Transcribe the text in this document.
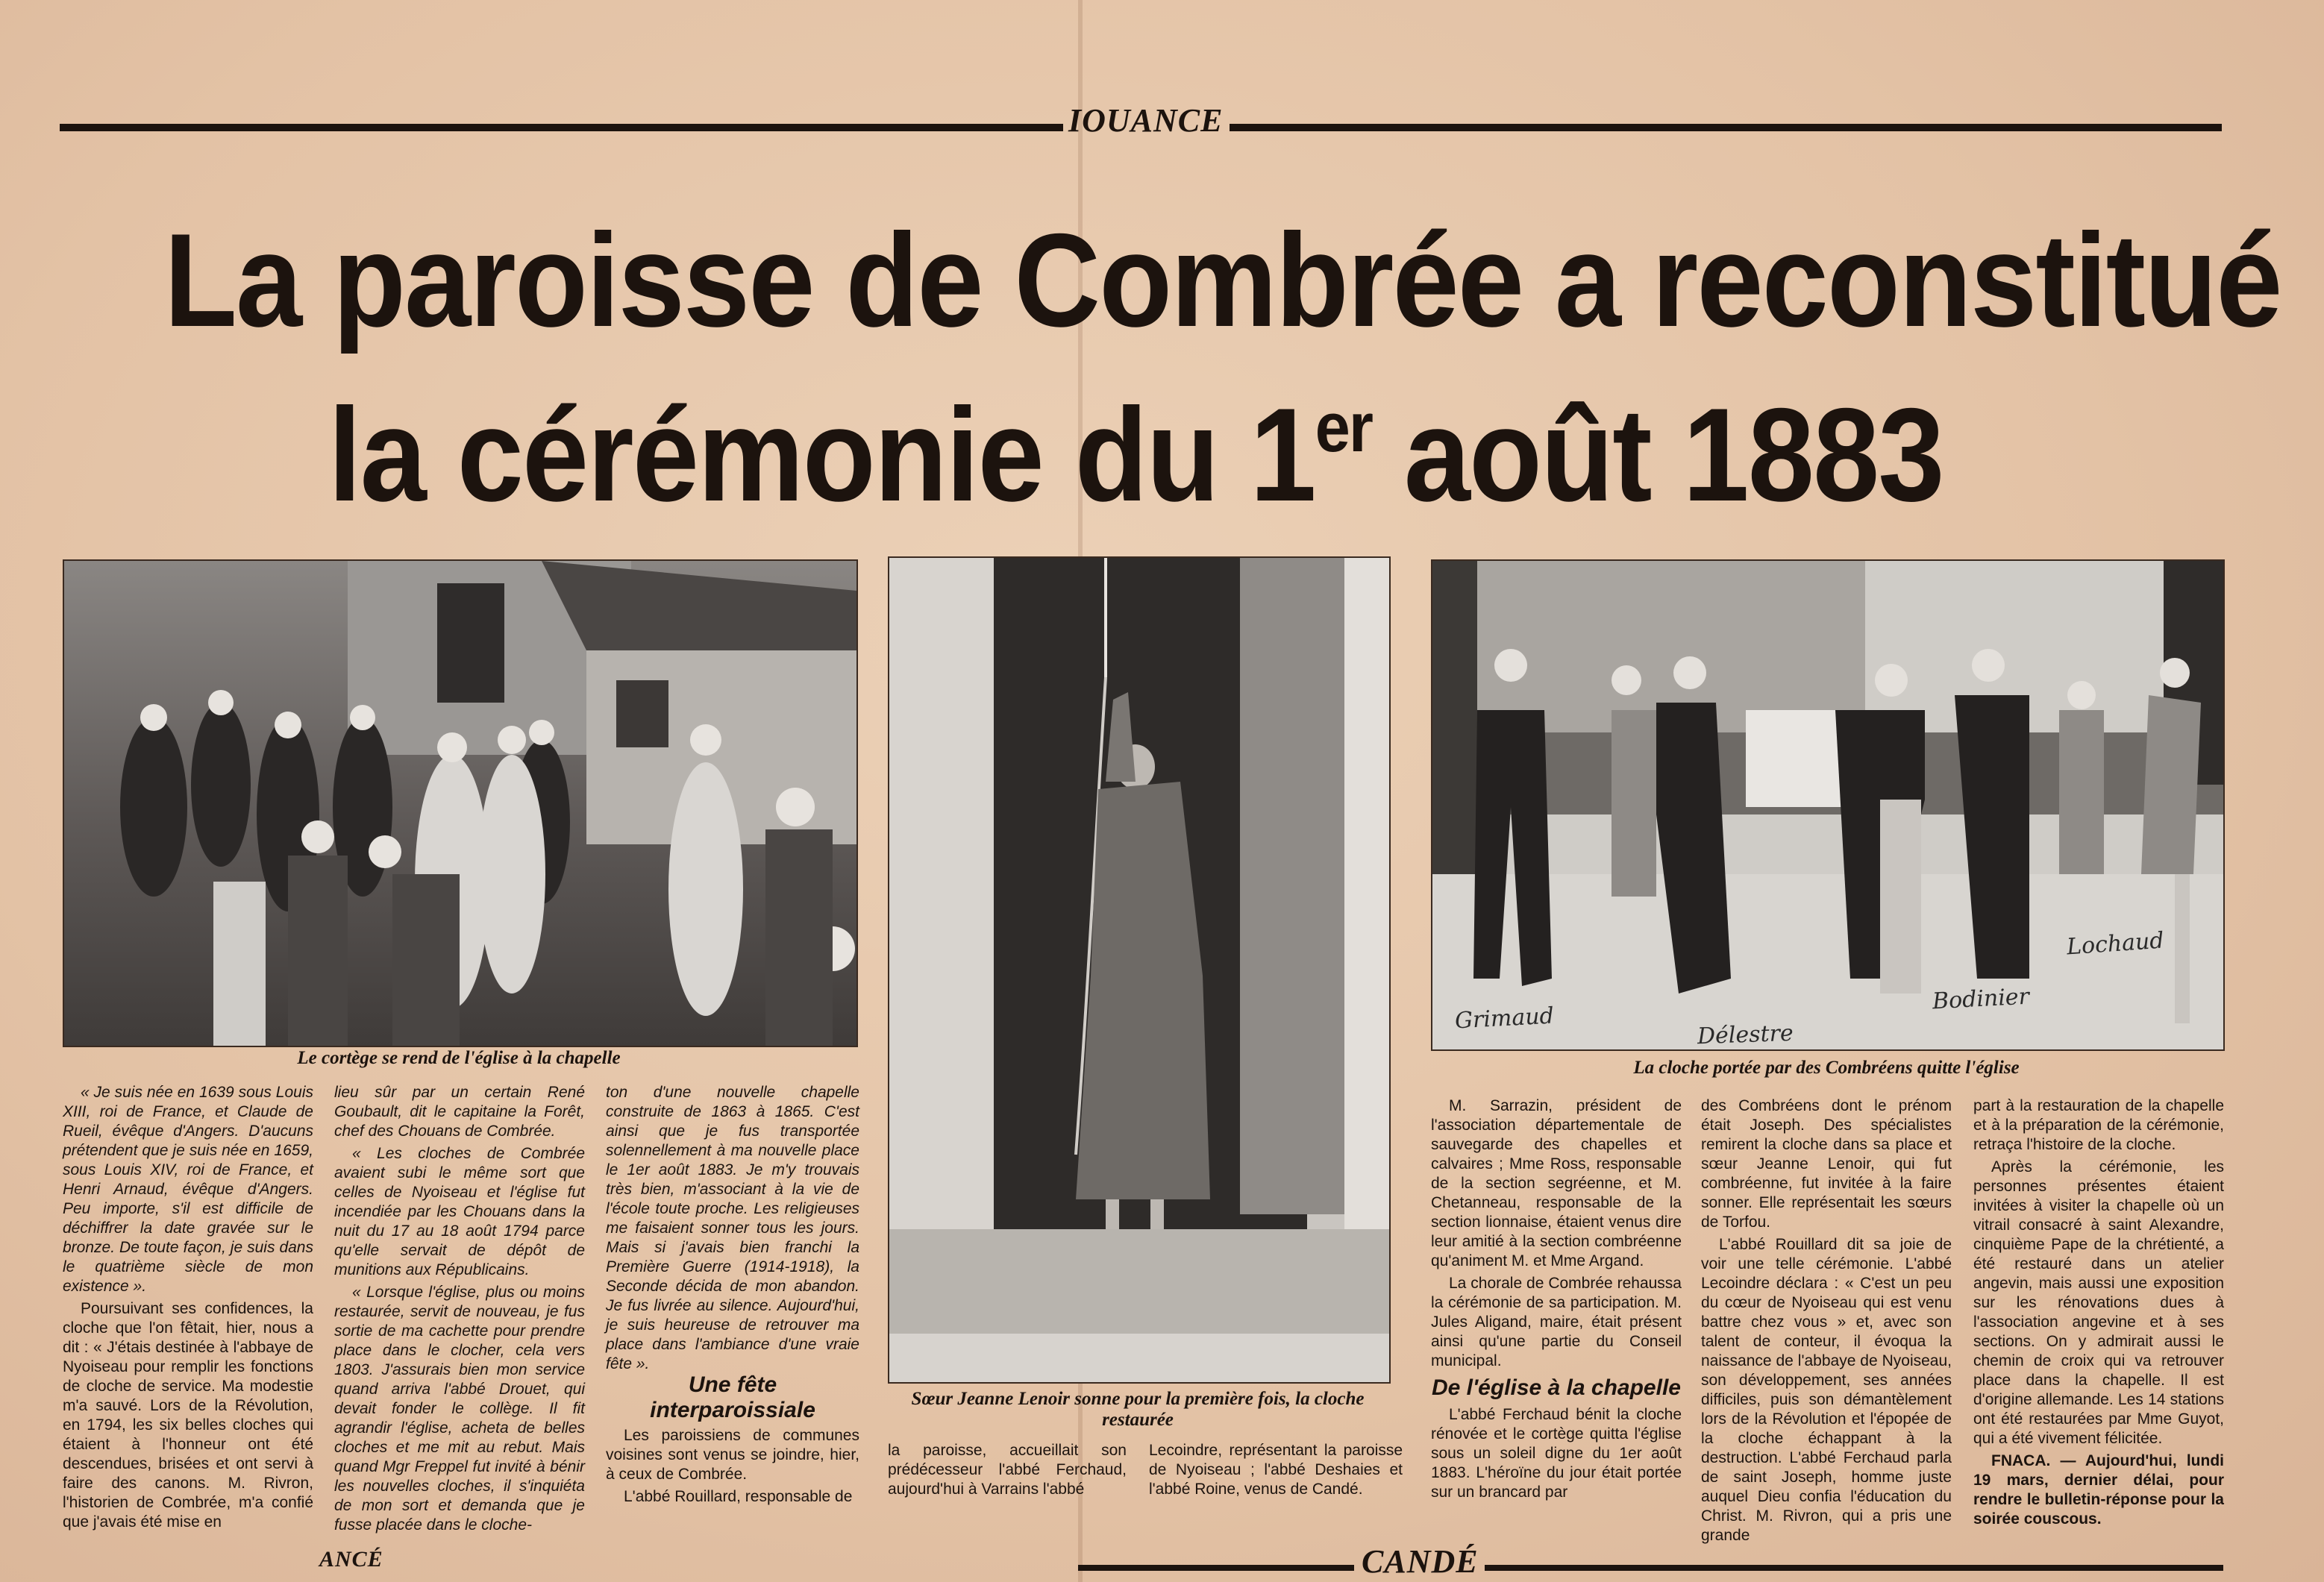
IOUANCE
La paroisse de Combrée a reconstitué
la cérémonie du 1er août 1883
Le cortège se rend de l'église à la chapelle
Sœur Jeanne Lenoir sonne pour la première fois, la cloche restaurée
Grimaud
Délestre
Bodinier
Lochaud
La cloche portée par des Combréens quitte l'église

« Je suis née en 1639 sous Louis XIII, roi de France, et Claude de Rueil, évêque d'Angers. D'aucuns prétendent que je suis née en 1659, sous Louis XIV, roi de France, et Henri Arnaud, évêque d'Angers. Peu importe, s'il est difficile de déchiffrer la date gravée sur le bronze. De toute façon, je suis dans le quatrième siècle de mon existence ».

Poursuivant ses confidences, la cloche que l'on fêtait, hier, nous a dit : « J'étais destinée à l'abbaye de Nyoiseau pour remplir les fonctions de cloche de service. Ma modestie m'a sauvé. Lors de la Révolution, en 1794, les six belles cloches qui étaient à l'honneur ont été descendues, brisées et ont servi à faire des canons. M. Rivron, l'historien de Combrée, m'a confié que j'avais été mise en

lieu sûr par un certain René Goubault, dit le capitaine la Forêt, chef des Chouans de Combrée.

« Les cloches de Combrée avaient subi le même sort que celles de Nyoiseau et l'église fut incendiée par les Chouans dans la nuit du 17 au 18 août 1794 parce qu'elle servait de dépôt de munitions aux Républicains.

« Lorsque l'église, plus ou moins restaurée, servit de nouveau, je fus sortie de ma cachette pour prendre place dans le clocher, cela vers 1803. J'assurais bien mon service quand arriva l'abbé Drouet, qui devait fonder le collège. Il fit agrandir l'église, acheta de belles cloches et me mit au rebut. Mais quand Mgr Freppel fut invité à bénir les nouvelles cloches, il s'inquiéta de mon sort et demanda que je fusse placée dans le cloche-

ton d'une nouvelle chapelle construite de 1863 à 1865. C'est ainsi que je fus transportée solennellement à ma nouvelle place le 1er août 1883. Je m'y trouvais très bien, m'associant à la vie de l'école toute proche. Les religieuses me faisaient sonner tous les jours. Mais si j'avais bien franchi la Première Guerre (1914-1918), la Seconde décida de mon abandon. Je fus livrée au silence. Aujourd'hui, je suis heureuse de retrouver ma place dans l'ambiance d'une vraie fête ».

Une fête interparoissiale

Les paroissiens de communes voisines sont venus se joindre, hier, à ceux de Combrée.

L'abbé Rouillard, responsable de

la paroisse, accueillait son prédécesseur l'abbé Ferchaud, aujourd'hui à Varrains l'abbé

Lecoindre, représentant la paroisse de Nyoiseau ; l'abbé Deshaies et l'abbé Roine, venus de Candé.

M. Sarrazin, président de l'association départementale de sauvegarde des chapelles et calvaires ; Mme Ross, responsable de la section segréenne, et M. Chetanneau, responsable de la section lionnaise, étaient venus dire leur amitié à la section combréenne qu'animent M. et Mme Argand.

La chorale de Combrée rehaussa la cérémonie de sa participation. M. Jules Aligand, maire, était présent ainsi qu'une partie du Conseil municipal.

De l'église à la chapelle

L'abbé Ferchaud bénit la cloche rénovée et le cortège quitta l'église sous un soleil digne du 1er août 1883. L'héroïne du jour était portée sur un brancard par

des Combréens dont le prénom était Joseph. Des spécialistes remirent la cloche dans sa place et sœur Jeanne Lenoir, qui fut combréenne, fut invitée à la faire sonner. Elle représentait les sœurs de Torfou.

L'abbé Rouillard dit sa joie de voir une telle cérémonie. L'abbé Lecoindre déclara : « C'est un peu du cœur de Nyoiseau qui est venu battre chez vous » et, avec son talent de conteur, il évoqua la naissance de l'abbaye de Nyoiseau, son développement, ses années difficiles, puis son démantèlement lors de la Révolution et l'épopée de la cloche échappant à la destruction. L'abbé Ferchaud parla de saint Joseph, homme juste auquel Dieu confia l'éducation du Christ. M. Rivron, qui a pris une grande

part à la restauration de la chapelle et à la préparation de la cérémonie, retraça l'histoire de la cloche.

Après la cérémonie, les personnes présentes étaient invitées à visiter la chapelle où un vitrail consacré à saint Alexandre, cinquième Pape de la chrétienté, a été restauré dans un atelier angevin, mais aussi une exposition sur les rénovations dues à l'association angevine et à ses sections. On y admirait aussi le chemin de croix qui va retrouver place dans la chapelle. Il est d'origine allemande. Les 14 stations ont été restaurées par Mme Guyot, qui a été vivement félicitée.

FNACA. — Aujourd'hui, lundi 19 mars, dernier délai, pour rendre le bulletin-réponse pour la soirée couscous.

ANCÉ	CANDÉ
